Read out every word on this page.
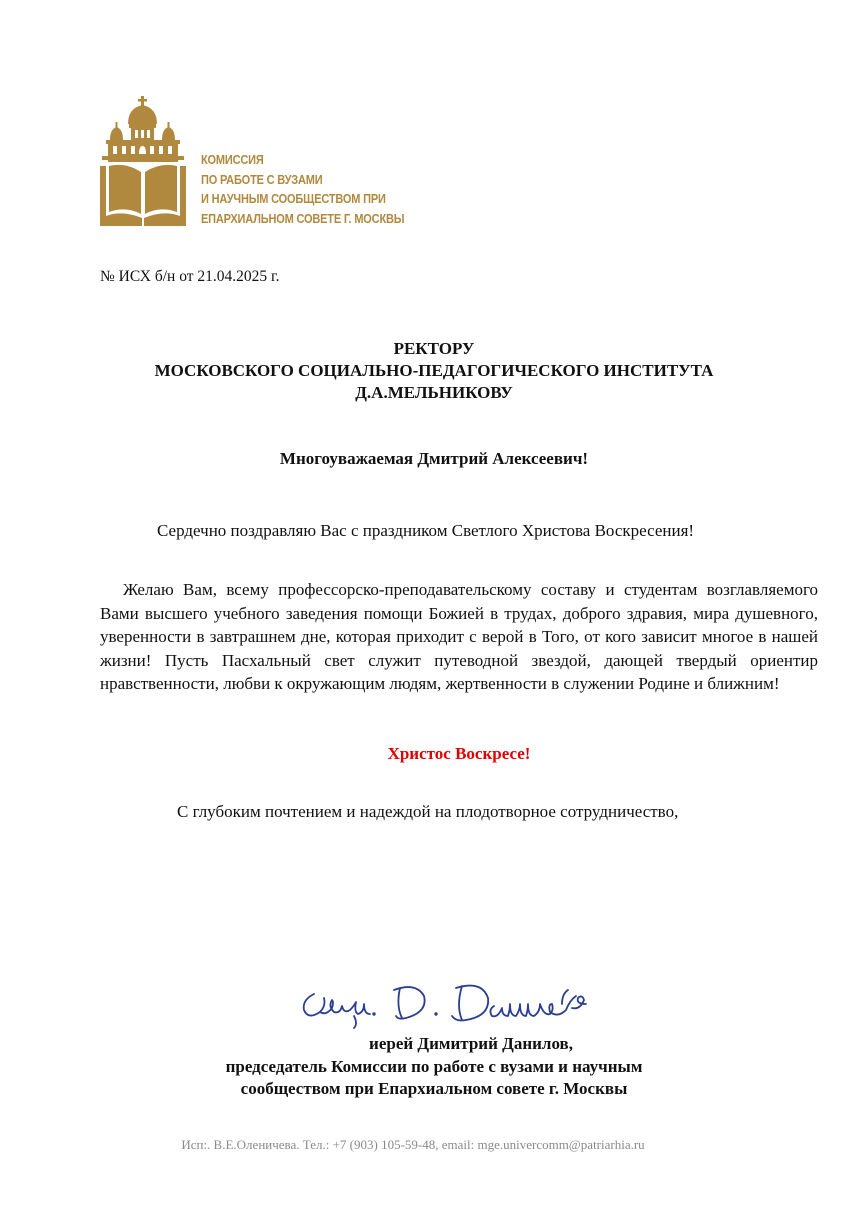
КОМИССИЯ
ПО РАБОТЕ С ВУЗАМИ
И НАУЧНЫМ СООБЩЕСТВОМ ПРИ
ЕПАРХИАЛЬНОМ СОВЕТЕ Г. МОСКВЫ
№ ИСХ б/н от 21.04.2025 г.
РЕКТОРУ
МОСКОВСКОГО СОЦИАЛЬНО-ПЕДАГОГИЧЕСКОГО ИНСТИТУТА
Д.А.МЕЛЬНИКОВУ
Многоуважаемая Дмитрий Алексеевич!
Сердечно поздравляю Вас с праздником Светлого Христова Воскресения!
Желаю Вам, всему профессорско-преподавательскому составу и студентам возглавляемого Вами высшего учебного заведения помощи Божией в трудах, доброго здравия, мира душевного, уверенности в завтрашнем дне, которая приходит с верой в Того, от кого зависит многое в нашей жизни! Пусть Пасхальный свет служит путеводной звездой, дающей твердый ориентир нравственности, любви к окружающим людям, жертвенности в служении Родине и ближним!
Христос Воскресе!
С глубоким почтением и надеждой на плодотворное сотрудничество,
иерей Димитрий Данилов,
председатель Комиссии по работе с вузами и научным
сообществом при Епархиальном совете г. Москвы
Исп:. В.Е.Оленичева. Тел.: +7 (903) 105-59-48, email: mge.univercomm@patriarhia.ru
